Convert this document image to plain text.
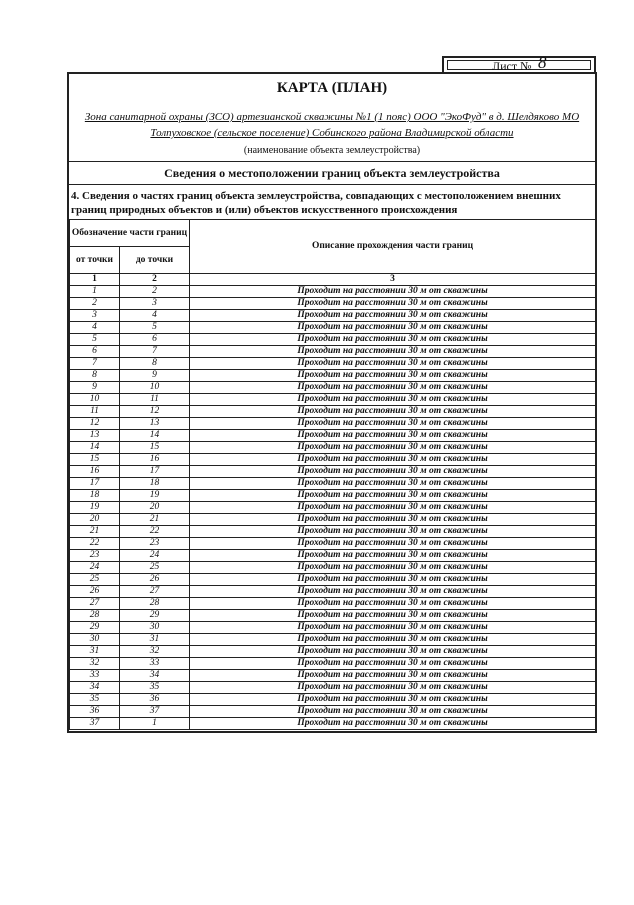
Лист № 8
КАРТА (ПЛАН)
Зона санитарной охраны (ЗСО) артезианской скважины №1 (1 пояс) ООО "ЭкоФуд" в д. Шелдяково МО
Толпуховское (сельское поселение) Собинского района Владимирской области
(наименование объекта землеустройства)
Сведения о местоположении границ объекта землеустройства
4. Сведения о частях границ объекта землеустройства, совпадающих с местоположением внешних границ природных объектов и (или) объектов искусственного происхождения
Обозначение части границ		Описание прохождения части границ
от точки	до точки	
1	2	3
1	2	Проходит на расстоянии 30 м от скважины
2	3	Проходит на расстоянии 30 м от скважины
3	4	Проходит на расстоянии 30 м от скважины
4	5	Проходит на расстоянии 30 м от скважины
5	6	Проходит на расстоянии 30 м от скважины
6	7	Проходит на расстоянии 30 м от скважины
7	8	Проходит на расстоянии 30 м от скважины
8	9	Проходит на расстоянии 30 м от скважины
9	10	Проходит на расстоянии 30 м от скважины
10	11	Проходит на расстоянии 30 м от скважины
11	12	Проходит на расстоянии 30 м от скважины
12	13	Проходит на расстоянии 30 м от скважины
13	14	Проходит на расстоянии 30 м от скважины
14	15	Проходит на расстоянии 30 м от скважины
15	16	Проходит на расстоянии 30 м от скважины
16	17	Проходит на расстоянии 30 м от скважины
17	18	Проходит на расстоянии 30 м от скважины
18	19	Проходит на расстоянии 30 м от скважины
19	20	Проходит на расстоянии 30 м от скважины
20	21	Проходит на расстоянии 30 м от скважины
21	22	Проходит на расстоянии 30 м от скважины
22	23	Проходит на расстоянии 30 м от скважины
23	24	Проходит на расстоянии 30 м от скважины
24	25	Проходит на расстоянии 30 м от скважины
25	26	Проходит на расстоянии 30 м от скважины
26	27	Проходит на расстоянии 30 м от скважины
27	28	Проходит на расстоянии 30 м от скважины
28	29	Проходит на расстоянии 30 м от скважины
29	30	Проходит на расстоянии 30 м от скважины
30	31	Проходит на расстоянии 30 м от скважины
31	32	Проходит на расстоянии 30 м от скважины
32	33	Проходит на расстоянии 30 м от скважины
33	34	Проходит на расстоянии 30 м от скважины
34	35	Проходит на расстоянии 30 м от скважины
35	36	Проходит на расстоянии 30 м от скважины
36	37	Проходит на расстоянии 30 м от скважины
37	1	Проходит на расстоянии 30 м от скважины
